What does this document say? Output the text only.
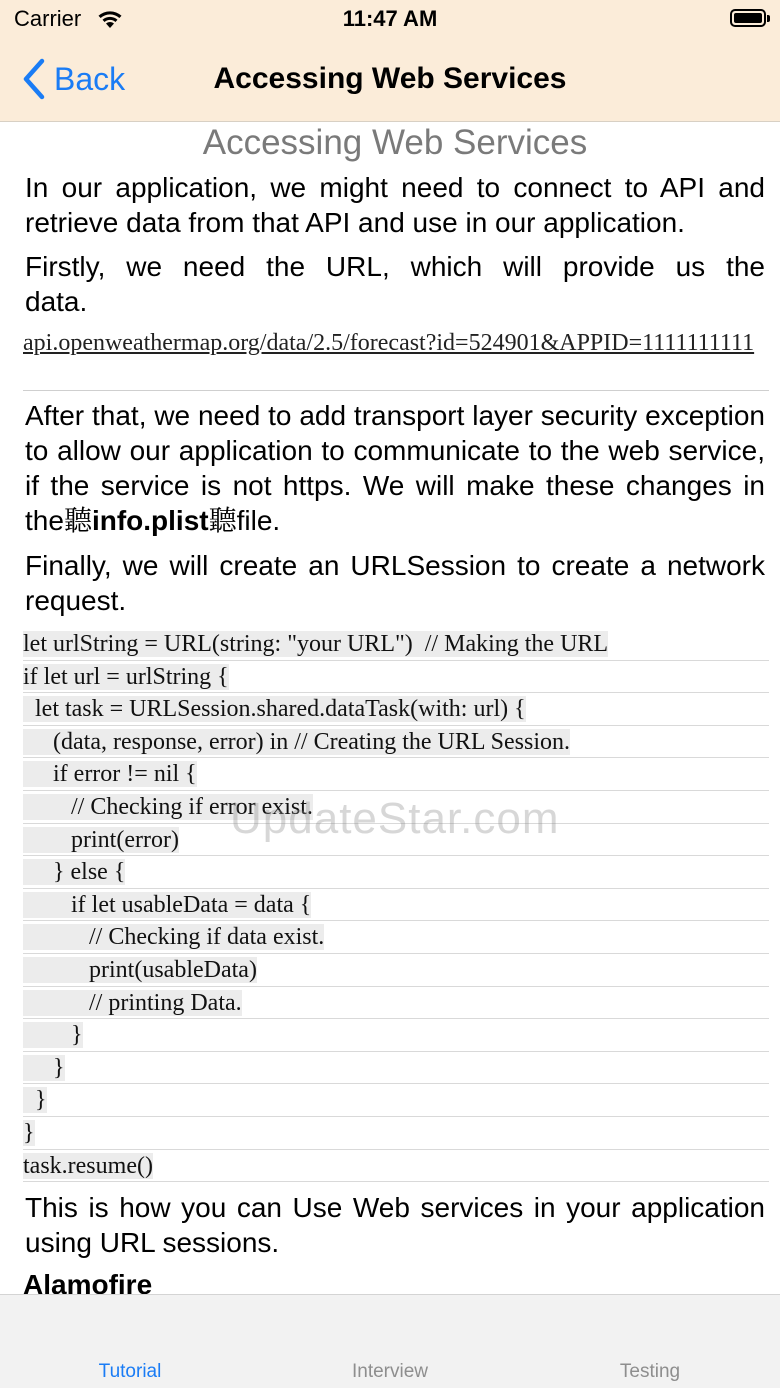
Carrier	11:47 AM
Back	Accessing Web Services
Accessing Web Services
In our application, we might need to connect to API and retrieve data from that API and use in our application.
Firstly, we need the URL, which will provide us the
data.
api.openweathermap.org/data/2.5/forecast?id=524901&APPID=1111111111
After that, we need to add transport layer security exception to allow our application to communicate to the web service, if the service is not https. We will make these changes in the聽info.plist聽file.
Finally, we will create an URLSession to create a network request.
let urlString = URL(string: "your URL")  // Making the URL
if let url = urlString {
let task = URLSession.shared.dataTask(with: url) {
(data, response, error) in // Creating the URL Session.
if error != nil {
// Checking if error exist.
print(error)
} else {
if let usableData = data {
// Checking if data exist.
print(usableData)
// printing Data.
}
}
}
}
task.resume()
UpdateStar.com
This is how you can Use Web services in your application using URL sessions.
Alamofire
Tutorial	Interview	Testing
